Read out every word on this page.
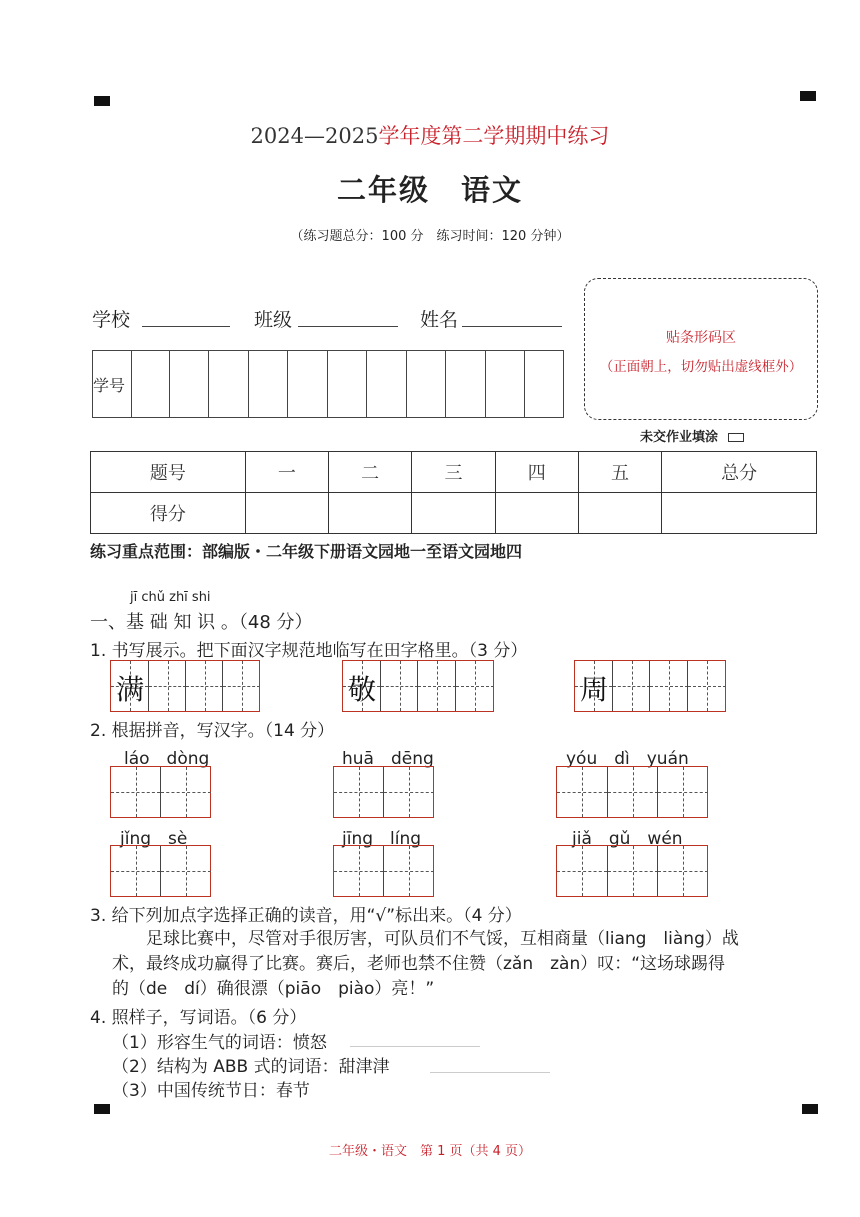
2024—2025学年度第二学期期中练习
二年级　语文
（练习题总分：100 分　练习时间：120 分钟）
学校	班级	姓名
学号
贴条形码区
（正面朝上，切勿贴出虚线框外）
未交作业填涂
题号	一	二	三	四	五	总分
得分						
练习重点范围：部编版・二年级下册语文园地一至语文园地四
jī chǔ zhī shi
一、基 础 知 识 。（48 分）
1. 书写展示。把下面汉字规范地临写在田字格里。（3 分）
满	敬	周
2. 根据拼音，写汉字。（14 分）
láo　dòng	huā　dēng	yóu　dì　yuán
jǐng　sè	jīng　líng	jiǎ　gǔ　wén
3. 给下列加点字选择正确的读音，用“√”标出来。（4 分）
足球比赛中，尽管对手很厉害，可队员们不气馁，互相商量（liang　liàng）战
术，最终成功赢得了比赛。赛后，老师也禁不住赞（zǎn　zàn）叹：“这场球踢得
的（de　dí）确很漂（piāo　piào）亮！”
4. 照样子，写词语。（6 分）
（1）形容生气的词语：愤怒
（2）结构为 ABB 式的词语：甜津津
（3）中国传统节日：春节
二年级・语文　第 1 页（共 4 页）
